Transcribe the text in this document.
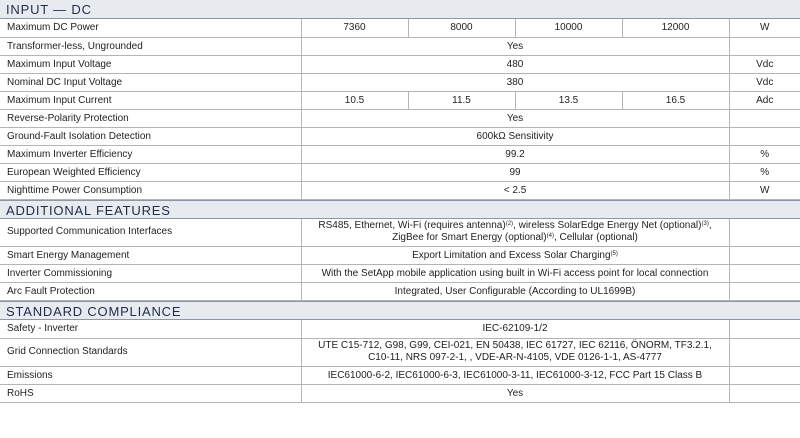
INPUT — DC
Maximum DC Power	7360	8000	10000	12000	W
Transformer-less, Ungrounded	Yes				
Maximum Input Voltage	480				Vdc
Nominal DC Input Voltage	380				Vdc
Maximum Input Current	10.5	11.5	13.5	16.5	Adc
Reverse-Polarity Protection	Yes				
Ground-Fault Isolation Detection	600kΩ Sensitivity				
Maximum Inverter Efficiency	99.2				%
European Weighted Efficiency	99				%
Nighttime Power Consumption	< 2.5				W
ADDITIONAL FEATURES
Supported Communication Interfaces	RS485, Ethernet, Wi-Fi (requires antenna)$^{(2)}$, wireless SolarEdge Energy Net (optional)$^{(3)}$,
ZigBee for Smart Energy (optional)$^{(4)}$, Cellular (optional)	
Smart Energy Management	Export Limitation and Excess Solar Charging$^{(5)}$	
Inverter Commissioning	With the SetApp mobile application using built in Wi-Fi access point for local connection	
Arc Fault Protection	Integrated, User Configurable (According to UL1699B)	
STANDARD COMPLIANCE
Safety - Inverter	IEC-62109-1/2	
Grid Connection Standards	UTE C15-712, G98, G99, CEI-021, EN 50438, IEC 61727, IEC 62116, ÖNORM, TF3.2.1,
C10-11, NRS 097-2-1, , VDE-AR-N-4105, VDE 0126-1-1, AS-4777	
Emissions	IEC61000-6-2, IEC61000-6-3, IEC61000-3-11, IEC61000-3-12, FCC Part 15 Class B	
RoHS	Yes	
